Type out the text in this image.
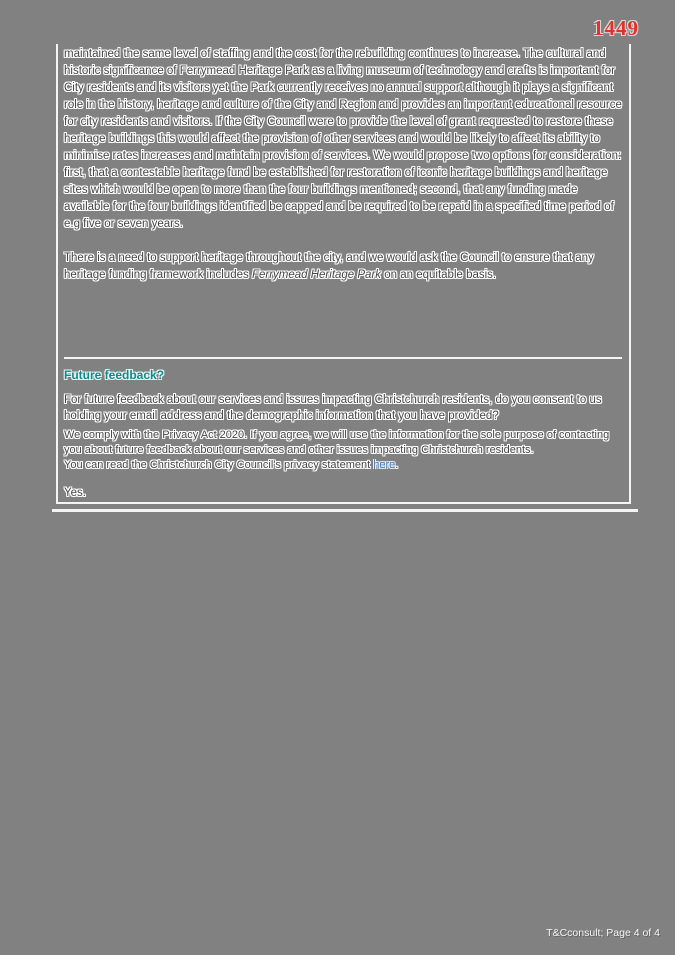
1449

maintained the same level of staffing and the cost for the rebuilding continues to increase. The cultural and historic significance of Ferrymead Heritage Park as a living museum of technology and crafts is important for City residents and its visitors yet the Park currently receives no annual support although it plays a significant role in the history, heritage and culture of the City and Region and provides an important educational resource for city residents and visitors. If the City Council were to provide the level of grant requested to restore these heritage buildings this would affect the provision of other services and would be likely to affect its ability to minimise rates increases and maintain provision of services. We would propose two options for consideration: first, that a contestable heritage fund be established for restoration of iconic heritage buildings and heritage sites which would be open to more than the four buildings mentioned; second, that any funding made available for the four buildings identified be capped and be required to be repaid in a specified time period of e.g five or seven years.

There is a need to support heritage throughout the city, and we would ask the Council to ensure that any heritage funding framework includes Ferrymead Heritage Park on an equitable basis.

Future feedback?

For future feedback about our services and issues impacting Christchurch residents, do you consent to us holding your email address and the demographic information that you have provided?

We comply with the Privacy Act 2020. If you agree, we will use the information for the sole purpose of contacting you about future feedback about our services and other issues impacting Christchurch residents.
You can read the Christchurch City Council's privacy statement here.
Yes.
T&Cconsult; Page 4 of 4
